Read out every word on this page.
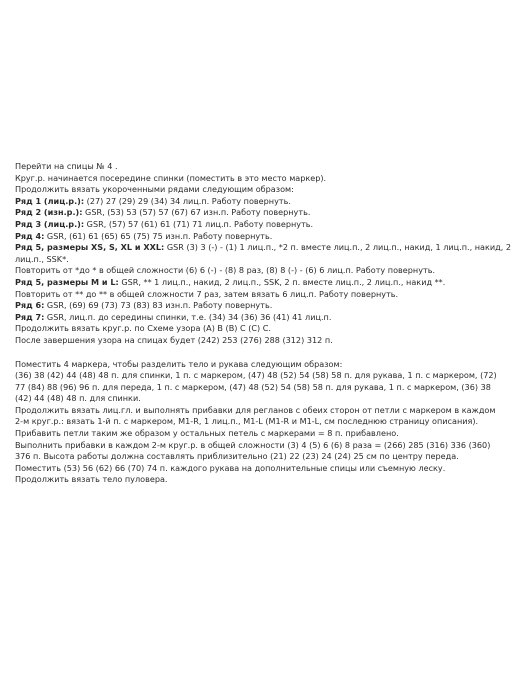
Перейти на спицы № 4 .
Круг.р. начинается посередине спинки (поместить в это место маркер).
Продолжить вязать укороченными рядами следующим образом:
Ряд 1 (лиц.р.): (27) 27 (29) 29 (34) 34 лиц.п. Работу повернуть.
Ряд 2 (изн.р.): GSR, (53) 53 (57) 57 (67) 67 изн.п. Работу повернуть.
Ряд 3 (лиц.р.): GSR, (57) 57 (61) 61 (71) 71 лиц.п. Работу повернуть.
Ряд 4: GSR, (61) 61 (65) 65 (75) 75 изн.п. Работу повернуть.
Ряд 5, размеры XS, S, XL и XXL: GSR (3) 3 (-) - (1) 1 лиц.п., *2 п. вместе лиц.п., 2 лиц.п., накид, 1 лиц.п., накид, 2
лиц.п., SSK*.
Повторить от *до * в общей сложности (6) 6 (-) - (8) 8 раз, (8) 8 (-) - (6) 6 лиц.п. Работу повернуть.
Ряд 5, размеры M и L: GSR, ** 1 лиц.п., накид, 2 лиц.п., SSK, 2 п. вместе лиц.п., 2 лиц.п., накид **.
Повторить от ** до ** в общей сложности 7 раз, затем вязать 6 лиц.п. Работу повернуть.
Ряд 6: GSR, (69) 69 (73) 73 (83) 83 изн.п. Работу повернуть.
Ряд 7: GSR, лиц.п. до середины спинки, т.е. (34) 34 (36) 36 (41) 41 лиц.п.
Продолжить вязать круг.р. по Схеме узора (A) B (B) C (C) C.
После завершения узора на спицах будет (242) 253 (276) 288 (312) 312 п.
Поместить 4 маркера, чтобы разделить тело и рукава следующим образом:
(36) 38 (42) 44 (48) 48 п. для спинки, 1 п. с маркером, (47) 48 (52) 54 (58) 58 п. для рукава, 1 п. с маркером, (72)
77 (84) 88 (96) 96 п. для переда, 1 п. с маркером, (47) 48 (52) 54 (58) 58 п. для рукава, 1 п. с маркером, (36) 38
(42) 44 (48) 48 п. для спинки.
Продолжить вязать лиц.гл. и выполнять прибавки для регланов с обеих сторон от петли с маркером в каждом
2-м круг.р.: вязать 1-й п. с маркером, M1-R, 1 лиц.п., M1-L (M1-R и M1-L, см последнюю страницу описания).
Прибавить петли таким же образом у остальных петель с маркерами = 8 п. прибавлено.
Выполнить прибавки в каждом 2-м круг.р. в общей сложности (3) 4 (5) 6 (6) 8 раза = (266) 285 (316) 336 (360)
376 п. Высота работы должна составлять приблизительно (21) 22 (23) 24 (24) 25 см по центру переда.
Поместить (53) 56 (62) 66 (70) 74 п. каждого рукава на дополнительные спицы или съемную леску.
Продолжить вязать тело пуловера.
